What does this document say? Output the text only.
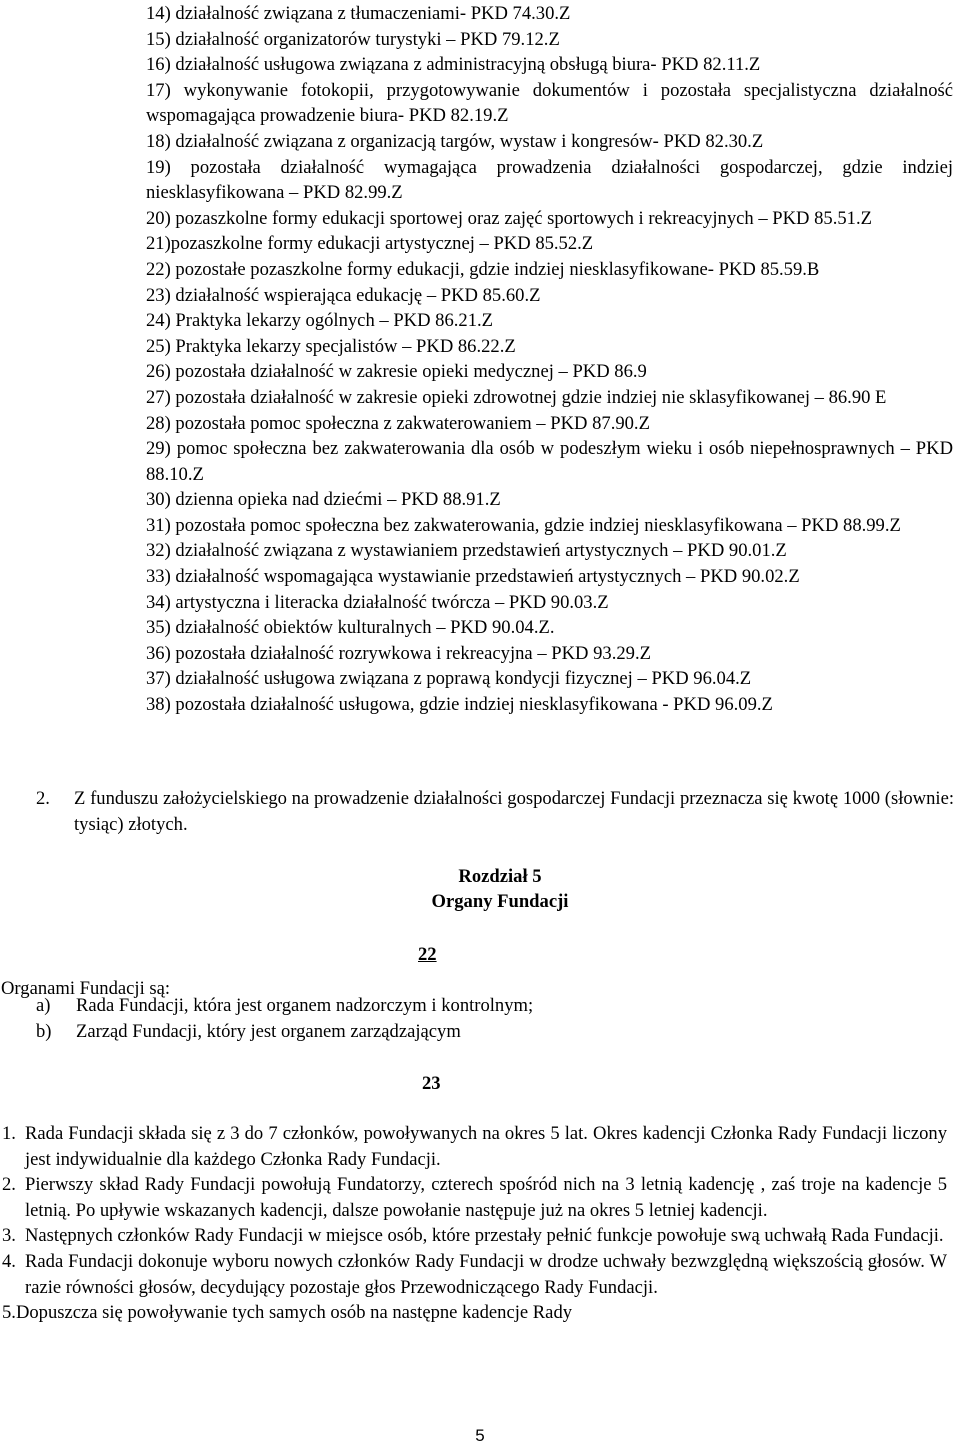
14) działalność związana z tłumaczeniami- PKD 74.30.Z
15) działalność organizatorów turystyki – PKD 79.12.Z
16) działalność usługowa związana z administracyjną obsługą biura- PKD 82.11.Z
17) wykonywanie fotokopii, przygotowywanie dokumentów i pozostała specjalistyczna działalność wspomagająca prowadzenie biura- PKD 82.19.Z
18) działalność związana z organizacją targów, wystaw i kongresów- PKD 82.30.Z
19) pozostała działalność wymagająca prowadzenia działalności gospodarczej, gdzie indziej niesklasyfikowana – PKD 82.99.Z
20) pozaszkolne formy edukacji sportowej oraz zajęć sportowych i rekreacyjnych – PKD 85.51.Z
21)pozaszkolne formy edukacji artystycznej – PKD 85.52.Z
22) pozostałe pozaszkolne formy edukacji, gdzie indziej niesklasyfikowane- PKD 85.59.B
23) działalność wspierająca edukację – PKD 85.60.Z
24) Praktyka lekarzy ogólnych – PKD 86.21.Z
25) Praktyka lekarzy specjalistów – PKD 86.22.Z
26) pozostała działalność w zakresie opieki medycznej – PKD 86.9
27) pozostała działalność w zakresie opieki zdrowotnej gdzie indziej nie sklasyfikowanej – 86.90 E
28) pozostała pomoc społeczna z zakwaterowaniem – PKD 87.90.Z
29) pomoc społeczna bez zakwaterowania dla osób w podeszłym wieku i osób niepełnosprawnych – PKD 88.10.Z
30) dzienna opieka nad dziećmi – PKD 88.91.Z
31) pozostała pomoc społeczna bez zakwaterowania, gdzie indziej niesklasyfikowana – PKD 88.99.Z
32) działalność związana z wystawianiem przedstawień artystycznych – PKD 90.01.Z
33) działalność wspomagająca wystawianie przedstawień artystycznych – PKD 90.02.Z
34) artystyczna i literacka działalność twórcza – PKD 90.03.Z
35) działalność obiektów kulturalnych – PKD 90.04.Z.
36) pozostała działalność rozrywkowa i rekreacyjna – PKD 93.29.Z
37) działalność usługowa związana z poprawą kondycji fizycznej – PKD 96.04.Z
38) pozostała działalność usługowa, gdzie indziej niesklasyfikowana - PKD 96.09.Z
2. Z funduszu założycielskiego na prowadzenie działalności gospodarczej Fundacji przeznacza się kwotę 1000 (słownie: tysiąc) złotych.
Rozdział 5
Organy Fundacji
22
Organami Fundacji są:
a) Rada Fundacji, która jest organem nadzorczym i kontrolnym;
b) Zarząd Fundacji, który jest organem zarządzającym
23
1. Rada Fundacji składa się z 3 do 7 członków, powoływanych na okres 5 lat. Okres kadencji Członka Rady Fundacji liczony jest indywidualnie dla każdego Członka Rady Fundacji.
2. Pierwszy skład Rady Fundacji powołują Fundatorzy, czterech spośród nich na 3 letnią kadencję , zaś troje na kadencje 5 letnią. Po upływie wskazanych kadencji, dalsze powołanie następuje już na okres 5 letniej kadencji.
3. Następnych członków Rady Fundacji w miejsce osób, które przestały pełnić funkcje powołuje swą uchwałą Rada Fundacji.
4. Rada Fundacji dokonuje wyboru nowych członków Rady Fundacji w drodze uchwały bezwzględną większością głosów. W razie równości głosów, decydujący pozostaje głos Przewodniczącego Rady Fundacji.
5.Dopuszcza się powoływanie tych samych osób na następne kadencje Rady
5
